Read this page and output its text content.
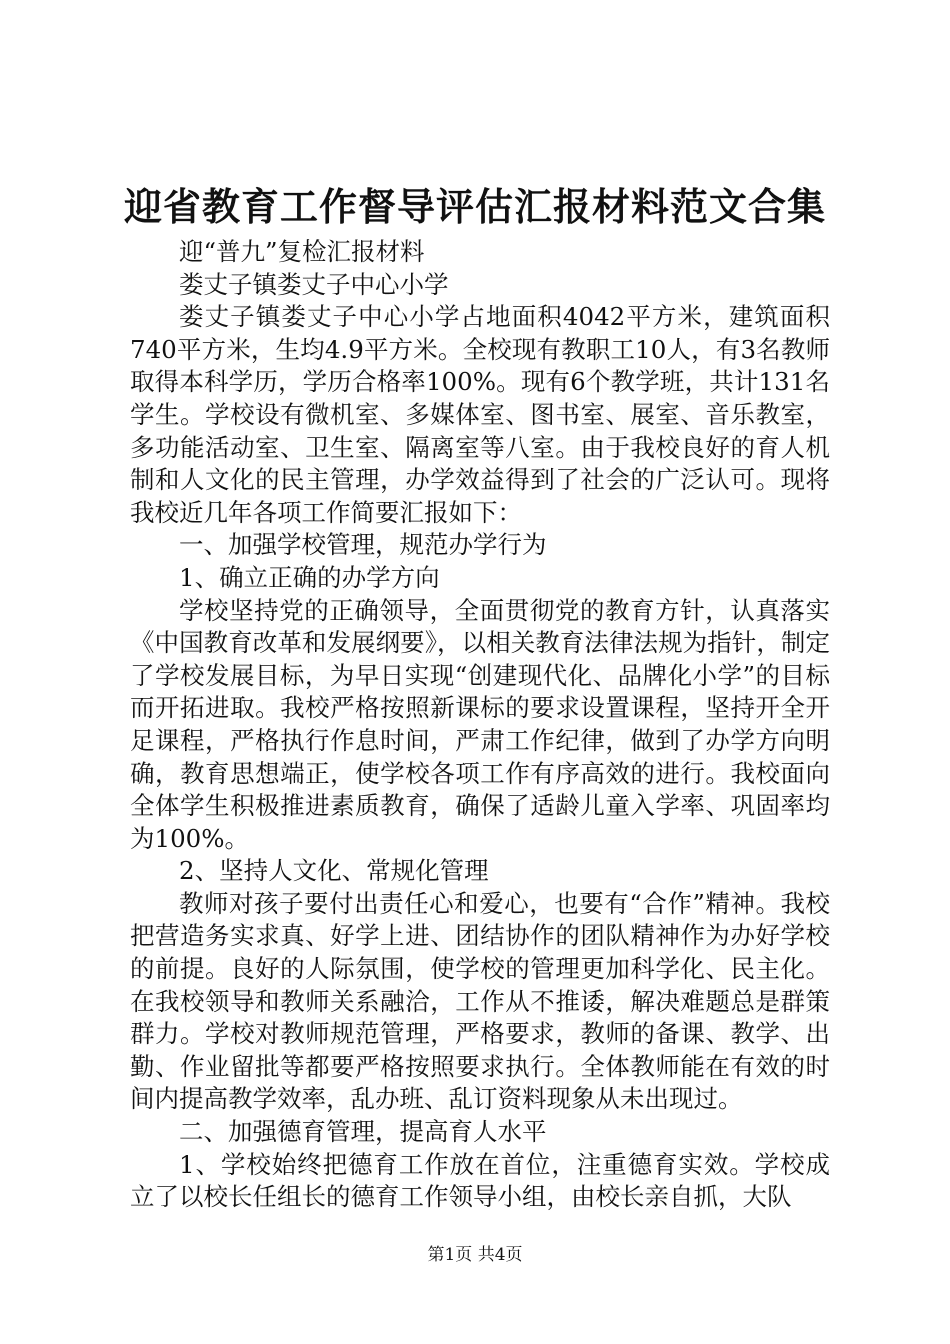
迎省教育工作督导评估汇报材料范文合集

迎“普九”复检汇报材料

娄丈子镇娄丈子中心小学

娄丈子镇娄丈子中心小学占地面积4042平方米，建筑面积740平方米，生均4.9平方米。全校现有教职工10人，有3名教师取得本科学历，学历合格率100%。现有6个教学班，共计131名学生。学校设有微机室、多媒体室、图书室、展室、音乐教室，多功能活动室、卫生室、隔离室等八室。由于我校良好的育人机制和人文化的民主管理，办学效益得到了社会的广泛认可。现将我校近几年各项工作简要汇报如下：

一、加强学校管理，规范办学行为

1、确立正确的办学方向

学校坚持党的正确领导，全面贯彻党的教育方针，认真落实《中国教育改革和发展纲要》，以相关教育法律法规为指针，制定了学校发展目标，为早日实现“创建现代化、品牌化小学”的目标而开拓进取。我校严格按照新课标的要求设置课程，坚持开全开足课程，严格执行作息时间，严肃工作纪律，做到了办学方向明确，教育思想端正，使学校各项工作有序高效的进行。我校面向全体学生积极推进素质教育，确保了适龄儿童入学率、巩固率均为100%。

2、坚持人文化、常规化管理

教师对孩子要付出责任心和爱心，也要有“合作”精神。我校把营造务实求真、好学上进、团结协作的团队精神作为办好学校的前提。良好的人际氛围，使学校的管理更加科学化、民主化。在我校领导和教师关系融洽，工作从不推诿，解决难题总是群策群力。学校对教师规范管理，严格要求，教师的备课、教学、出勤、作业留批等都要严格按照要求执行。全体教师能在有效的时间内提高教学效率，乱办班、乱订资料现象从未出现过。

二、加强德育管理，提高育人水平

1、学校始终把德育工作放在首位，注重德育实效。学校成立了以校长任组长的德育工作领导小组，由校长亲自抓，大队

第1页 共4页
